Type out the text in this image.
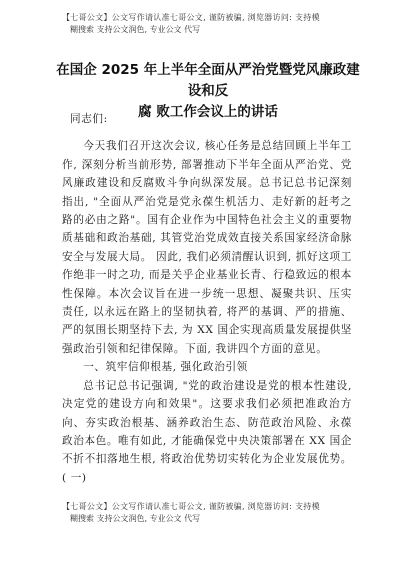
【七哥公文】公文写作请认准七哥公文, 谨防被骗, 浏览器访问: 支持模
糊搜索 支持公文润色, 专业公文 代写
在国企 2025 年上半年全面从严治党暨党风廉政建设和反
腐 败工作会议上的讲话

同志们:

今天我们召开这次会议, 核心任务是总结回顾上半年工作, 深刻分析当前形势, 部署推动下半年全面从严治党、党风廉政建设和反腐败斗争向纵深发展。总书记总书记深刻指出, "全面从严治党是党永葆生机活力、走好新的赶考之路的必由之路"。国有企业作为中国特色社会主义的重要物质基础和政治基础, 其管党治党成效直接关系国家经济命脉安全与发展大局。 因此, 我们必须清醒认识到, 抓好这项工作绝非一时之功, 而是关乎企业基业长青、行稳致远的根本性保障。本次会议旨在进一步统一思想、凝聚共识、压实责任, 以永远在路上的坚韧执着, 将严的基调、严的措施、严的氛围长期坚持下去, 为 XX 国企实现高质量发展提供坚强政治引领和纪律保障。下面, 我讲四个方面的意见。

一、筑牢信仰根基, 强化政治引领

总书记总书记强调, "党的政治建设是党的根本性建设, 决定党的建设方向和效果"。这要求我们必须把准政治方向、夯实政治根基、涵养政治生态、防范政治风险、永葆政治本色。唯有如此, 才能确保党中央决策部署在 XX 国企不折不扣落地生根, 将政治优势切实转化为企业发展优势。 ( 一)

【七哥公文】公文写作请认准七哥公文, 谨防被骗, 浏览器访问: 支持模
糊搜索 支持公文润色, 专业公文 代写
